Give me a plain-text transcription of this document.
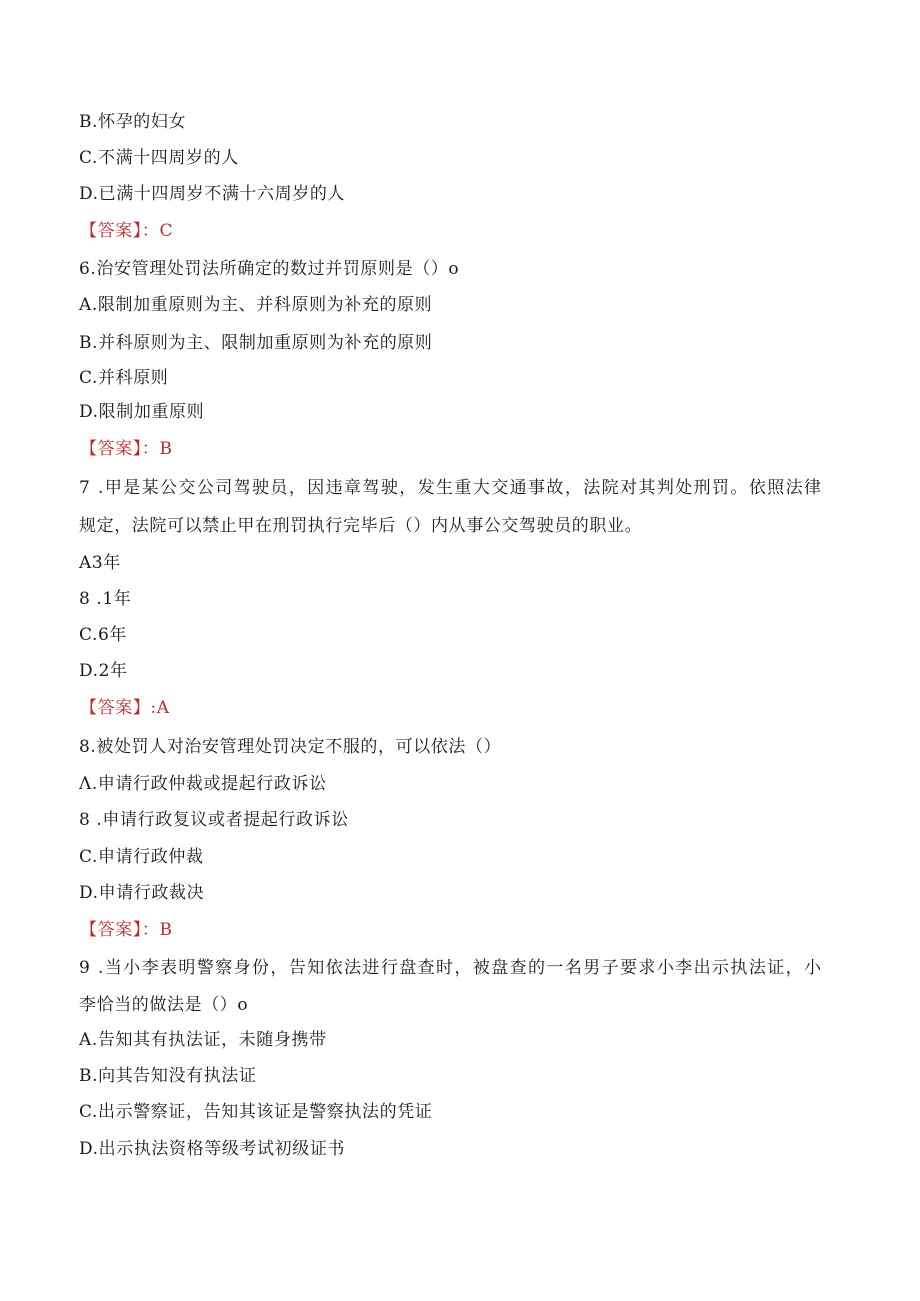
B.怀孕的妇女
C.不满十四周岁的人
D.已满十四周岁不满十六周岁的人
【答案】：C
6.治安管理处罚法所确定的数过并罚原则是（）o
A.限制加重原则为主、并科原则为补充的原则
B.并科原则为主、限制加重原则为补充的原则
C.并科原则
D.限制加重原则
【答案】：B
7 .甲是某公交公司驾驶员，因违章驾驶，发生重大交通事故，法院对其判处刑罚。依照法律
规定，法院可以禁止甲在刑罚执行完毕后（）内从事公交驾驶员的职业。
A3年
8 .1年
C.6年
D.2年
【答案】:A
8.被处罚人对治安管理处罚决定不服的，可以依法（）
Λ.申请行政仲裁或提起行政诉讼
8 .申请行政复议或者提起行政诉讼
C.申请行政仲裁
D.申请行政裁决
【答案】：B
9 .当小李表明警察身份，告知依法进行盘查时，被盘查的一名男子要求小李出示执法证，小
李恰当的做法是（）o
A.告知其有执法证，未随身携带
B.向其告知没有执法证
C.出示警察证，告知其该证是警察执法的凭证
D.出示执法资格等级考试初级证书
